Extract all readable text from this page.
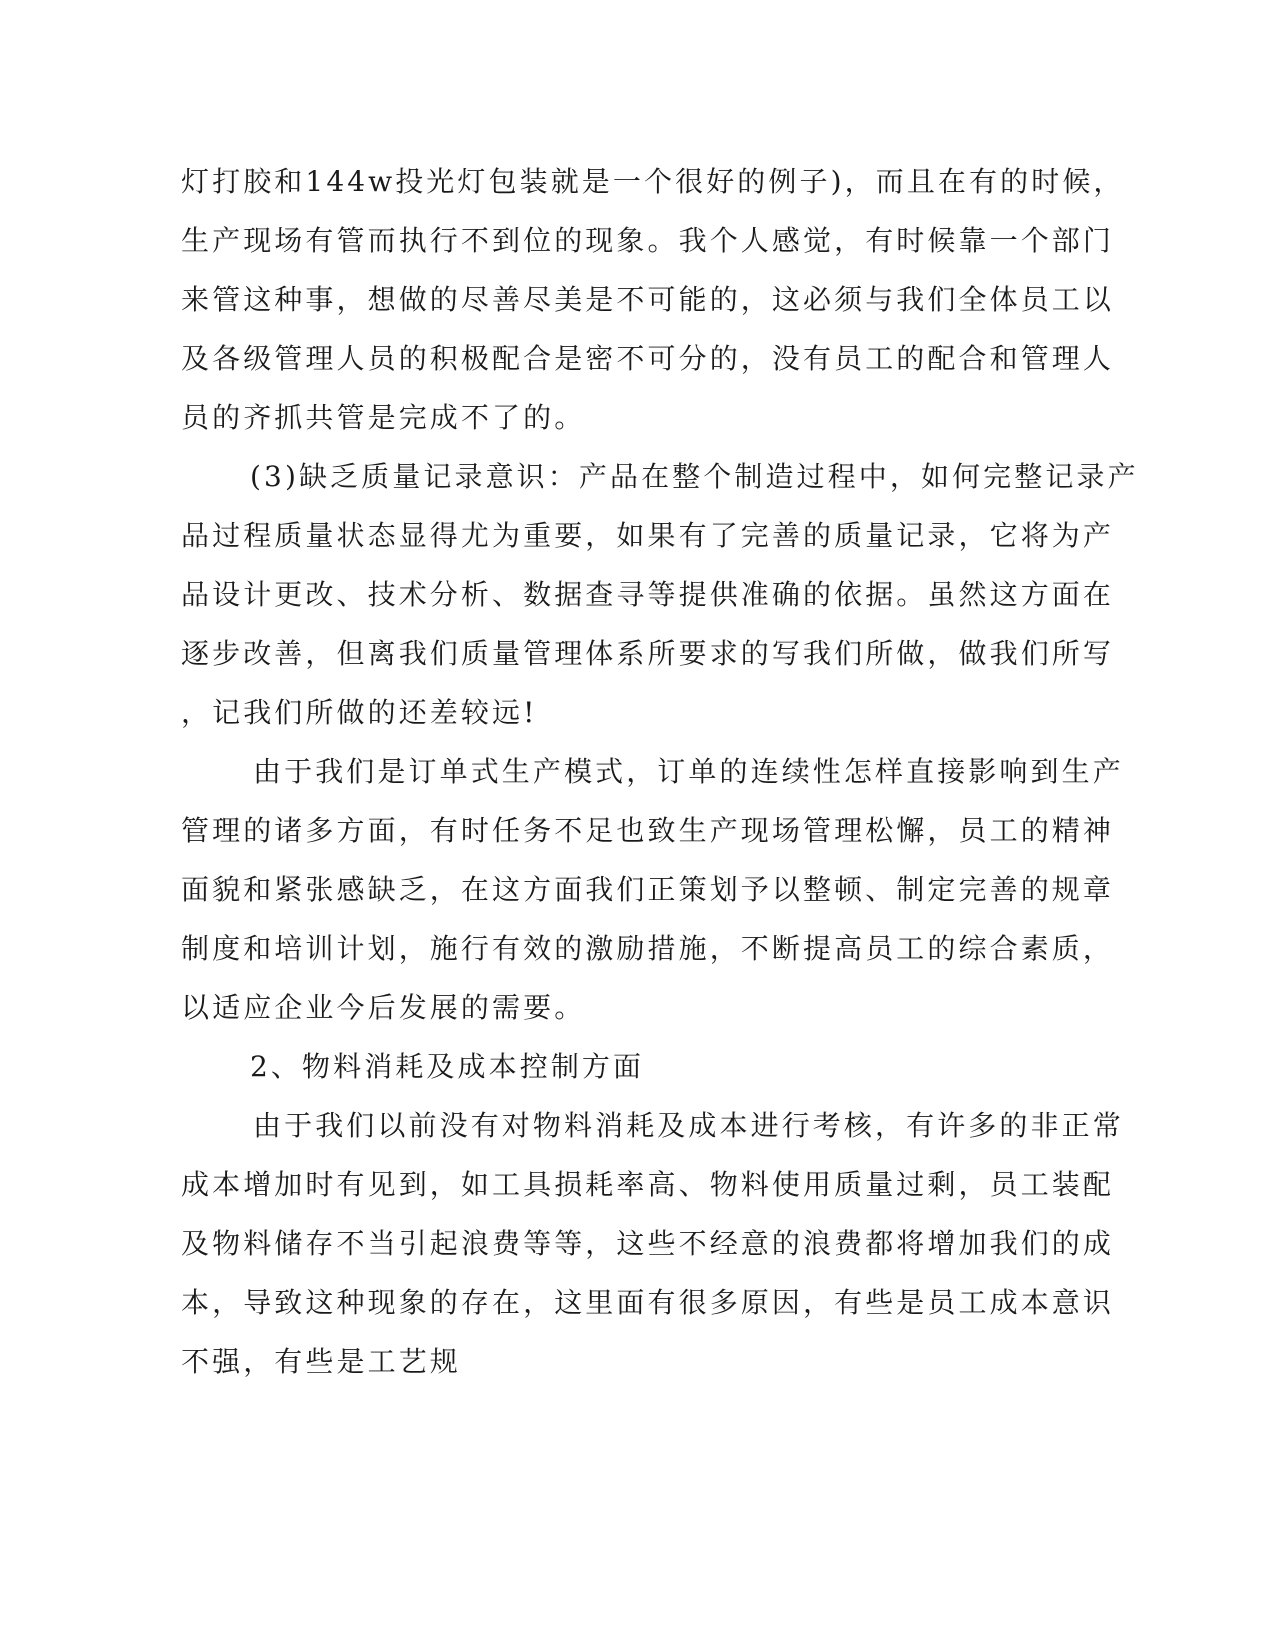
灯打胶和144w投光灯包装就是一个很好的例子)，而且在有的时候，
生产现场有管而执行不到位的现象。我个人感觉，有时候靠一个部门
来管这种事，想做的尽善尽美是不可能的，这必须与我们全体员工以
及各级管理人员的积极配合是密不可分的，没有员工的配合和管理人
员的齐抓共管是完成不了的。
(3)缺乏质量记录意识：产品在整个制造过程中，如何完整记录产
品过程质量状态显得尤为重要，如果有了完善的质量记录，它将为产
品设计更改、技术分析、数据查寻等提供准确的依据。虽然这方面在
逐步改善，但离我们质量管理体系所要求的写我们所做，做我们所写
，记我们所做的还差较远!
由于我们是订单式生产模式，订单的连续性怎样直接影响到生产
管理的诸多方面，有时任务不足也致生产现场管理松懈，员工的精神
面貌和紧张感缺乏，在这方面我们正策划予以整顿、制定完善的规章
制度和培训计划，施行有效的激励措施，不断提高员工的综合素质，
以适应企业今后发展的需要。
2、物料消耗及成本控制方面
由于我们以前没有对物料消耗及成本进行考核，有许多的非正常
成本增加时有见到，如工具损耗率高、物料使用质量过剩，员工装配
及物料储存不当引起浪费等等，这些不经意的浪费都将增加我们的成
本，导致这种现象的存在，这里面有很多原因，有些是员工成本意识
不强，有些是工艺规
